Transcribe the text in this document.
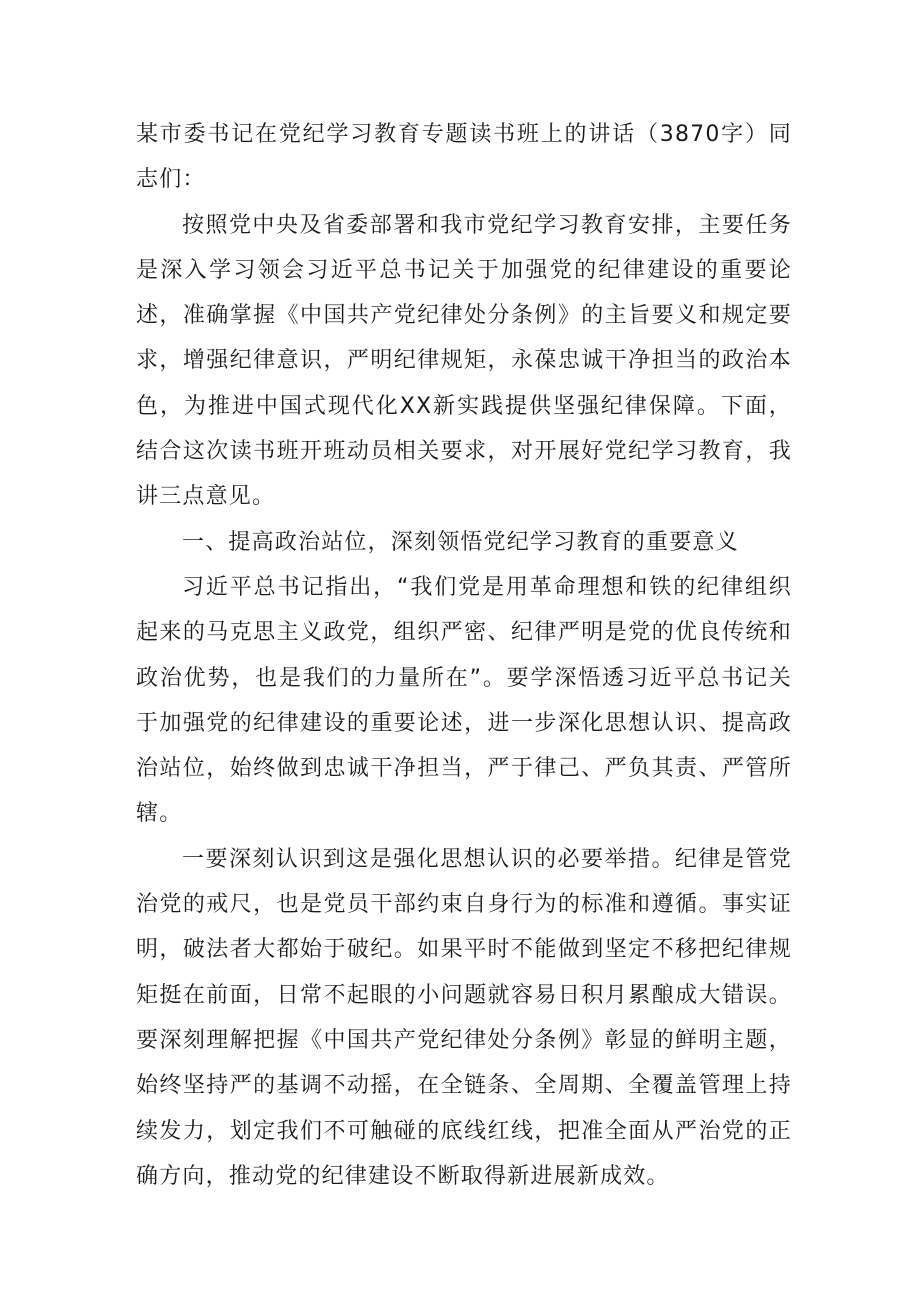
某市委书记在党纪学习教育专题读书班上的讲话（3870字）同志们：

按照党中央及省委部署和我市党纪学习教育安排，主要任务是深入学习领会习近平总书记关于加强党的纪律建设的重要论述，准确掌握《中国共产党纪律处分条例》的主旨要义和规定要求，增强纪律意识，严明纪律规矩，永葆忠诚干净担当的政治本色，为推进中国式现代化XX新实践提供坚强纪律保障。下面，结合这次读书班开班动员相关要求，对开展好党纪学习教育，我讲三点意见。

一、提高政治站位，深刻领悟党纪学习教育的重要意义

习近平总书记指出，“我们党是用革命理想和铁的纪律组织起来的马克思主义政党，组织严密、纪律严明是党的优良传统和政治优势，也是我们的力量所在”。要学深悟透习近平总书记关于加强党的纪律建设的重要论述，进一步深化思想认识、提高政治站位，始终做到忠诚干净担当，严于律己、严负其责、严管所辖。

一要深刻认识到这是强化思想认识的必要举措。纪律是管党治党的戒尺，也是党员干部约束自身行为的标准和遵循。事实证明，破法者大都始于破纪。如果平时不能做到坚定不移把纪律规矩挺在前面，日常不起眼的小问题就容易日积月累酿成大错误。要深刻理解把握《中国共产党纪律处分条例》彰显的鲜明主题，始终坚持严的基调不动摇，在全链条、全周期、全覆盖管理上持续发力，划定我们不可触碰的底线红线，把准全面从严治党的正确方向，推动党的纪律建设不断取得新进展新成效。
